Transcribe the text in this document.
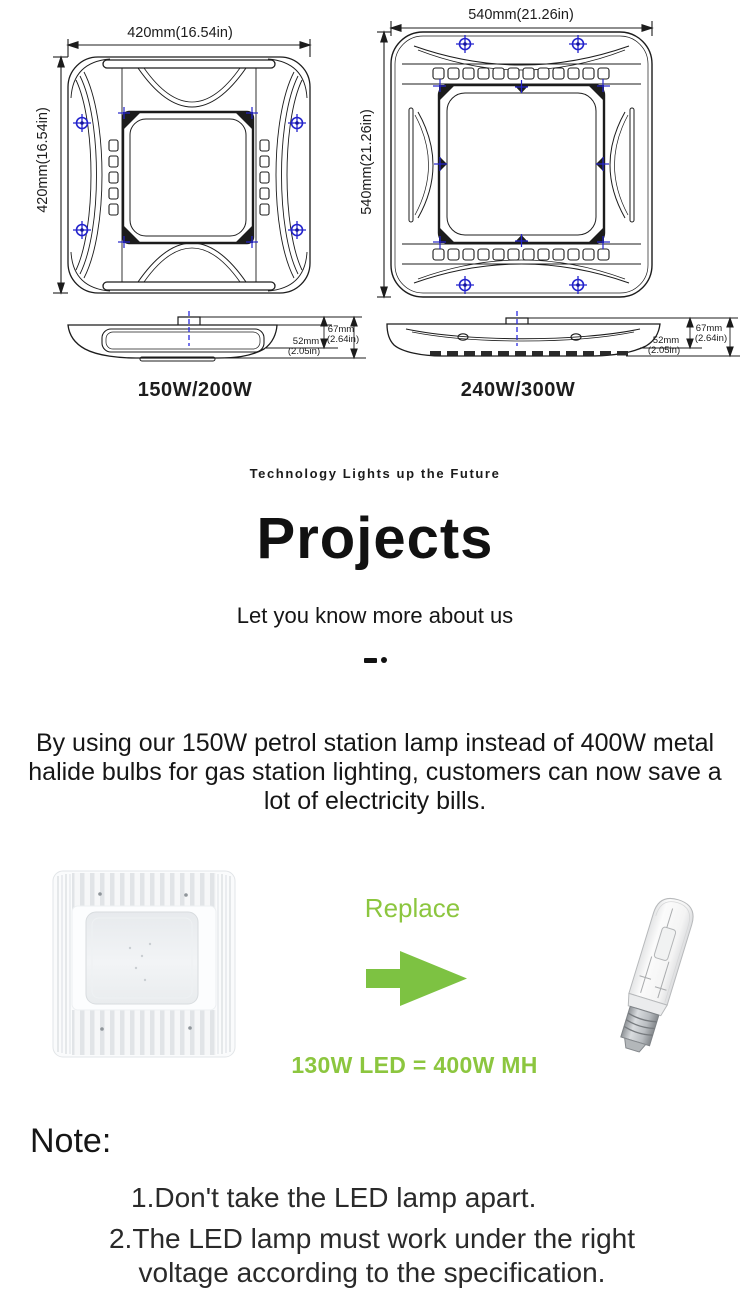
420mm(16.54in)
420mm(16.54in)
540mm(21.26in)
540mm(21.26in)
52mm
(2.05in)
67mm
(2.64in)	52mm
(2.05in)
67mm
(2.64in)
150W/200W	240W/300W
Technology Lights up the Future
Projects
Let you know more about us
By using our 150W petrol station lamp instead of 400W metal
halide bulbs for gas station lighting, customers can now save a
lot of electricity bills.
Replace
130W LED = 400W MH
Note:
1.Don't take the LED lamp apart.
2.The LED lamp must work under the right
voltage according to the specification.
